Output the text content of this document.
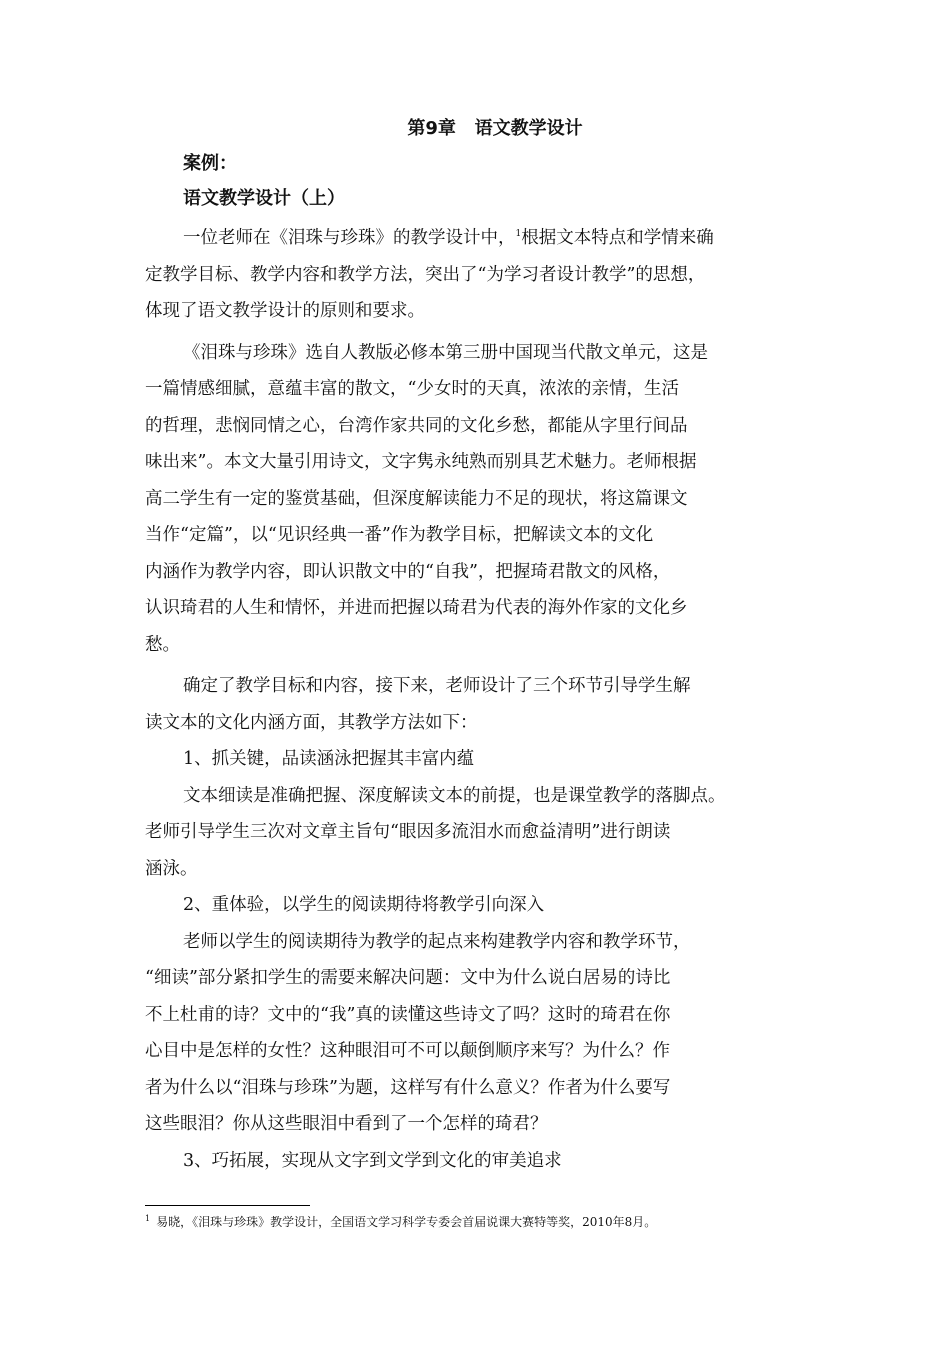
第9章   语文教学设计
案例：
语文教学设计（上）
一位老师在《泪珠与珍珠》的教学设计中，$^1$根据文本特点和学情来确
定教学目标、教学内容和教学方法，突出了“为学习者设计教学”的思想，
体现了语文教学设计的原则和要求。
《泪珠与珍珠》选自人教版必修本第三册中国现当代散文单元，这是
一篇情感细腻，意蕴丰富的散文，“少女时的天真，浓浓的亲情，生活
的哲理，悲悯同情之心，台湾作家共同的文化乡愁，都能从字里行间品
味出来”。本文大量引用诗文，文字隽永纯熟而别具艺术魅力。老师根据
高二学生有一定的鉴赏基础，但深度解读能力不足的现状，将这篇课文
当作“定篇”，以“见识经典一番”作为教学目标，把解读文本的文化
内涵作为教学内容，即认识散文中的“自我”，把握琦君散文的风格，
认识琦君的人生和情怀，并进而把握以琦君为代表的海外作家的文化乡
愁。
确定了教学目标和内容，接下来，老师设计了三个环节引导学生解
读文本的文化内涵方面，其教学方法如下：
1、抓关键，品读涵泳把握其丰富内蕴
文本细读是准确把握、深度解读文本的前提，也是课堂教学的落脚点。
老师引导学生三次对文章主旨句“眼因多流泪水而愈益清明”进行朗读
涵泳。
2、重体验，以学生的阅读期待将教学引向深入
老师以学生的阅读期待为教学的起点来构建教学内容和教学环节，
“细读”部分紧扣学生的需要来解决问题：文中为什么说白居易的诗比
不上杜甫的诗？文中的“我”真的读懂这些诗文了吗？这时的琦君在你
心目中是怎样的女性？这种眼泪可不可以颠倒顺序来写？为什么？作
者为什么以“泪珠与珍珠”为题，这样写有什么意义？作者为什么要写
这些眼泪？你从这些眼泪中看到了一个怎样的琦君？
3、巧拓展，实现从文字到文学到文化的审美追求
$^1$ 易晓，《泪珠与珍珠》教学设计，全国语文学习科学专委会首届说课大赛特等奖，2010年8月。
